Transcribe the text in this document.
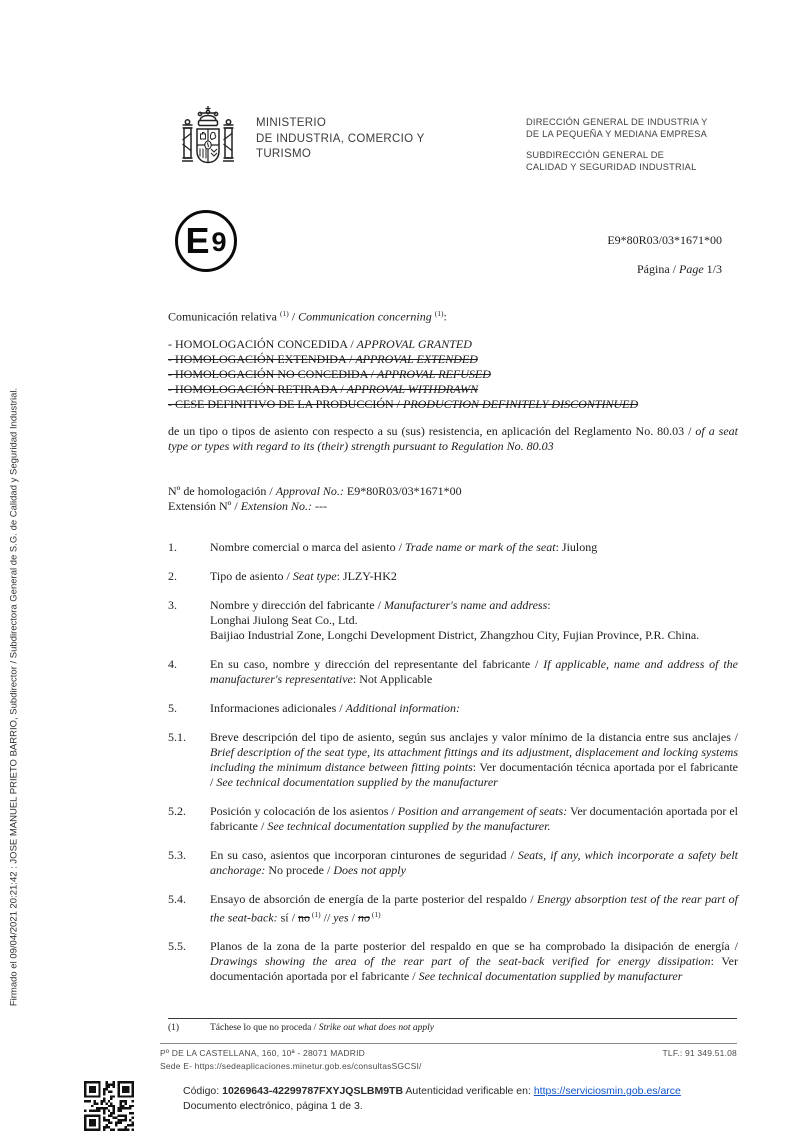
Firmado el 09/04/2021 20:21:42 : JOSE MANUEL PRIETO BARRIO, Subdirector / Subdirectora General de S.G. de Calidad y Seguridad Industrial.
MINISTERIO
DE INDUSTRIA, COMERCIO Y
TURISMO
DIRECCIÓN GENERAL DE INDUSTRIA Y
DE LA PEQUEÑA Y MEDIANA EMPRESA
SUBDIRECCIÓN GENERAL DE
CALIDAD Y SEGURIDAD INDUSTRIAL
E 9	E9*80R03/03*1671*00
Página / Page 1/3
Comunicación relativa $^{(1)}$ / Communication concerning $^{(1)}$:
- HOMOLOGACIÓN CONCEDIDA / APPROVAL GRANTED
- HOMOLOGACIÓN EXTENDIDA / APPROVAL EXTENDED
- HOMOLOGACIÓN NO CONCEDIDA / APPROVAL REFUSED
- HOMOLOGACIÓN RETIRADA / APPROVAL WITHDRAWN
- CESE DEFINITIVO DE LA PRODUCCIÓN / PRODUCTION DEFINITELY DISCONTINUED
de un tipo o tipos de asiento con respecto a su (sus) resistencia, en aplicación del Reglamento No. 80.03 / of a seat type or types with regard to its (their) strength pursuant to Regulation No. 80.03
Nº de homologación / Approval No.: E9*80R03/03*1671*00
Extensión Nº / Extension No.: ---
1.	Nombre comercial o marca del asiento / Trade name or mark of the seat: Jiulong
2.	Tipo de asiento / Seat type: JLZY-HK2
3.	Nombre y dirección del fabricante / Manufacturer's name and address:
Longhai Jiulong Seat Co., Ltd.
Baijiao Industrial Zone, Longchi Development District, Zhangzhou City, Fujian Province, P.R. China.
4.	En su caso, nombre y dirección del representante del fabricante / If applicable, name and address of the manufacturer's representative: Not Applicable
5.	Informaciones adicionales / Additional information:
5.1.	Breve descripción del tipo de asiento, según sus anclajes y valor mínimo de la distancia entre sus anclajes / Brief description of the seat type, its attachment fittings and its adjustment, displacement and locking systems including the minimum distance between fitting points: Ver documentación técnica aportada por el fabricante / See technical documentation supplied by the manufacturer
5.2.	Posición y colocación de los asientos / Position and arrangement of seats: Ver documentación aportada por el fabricante / See technical documentation supplied by the manufacturer.
5.3.	En su caso, asientos que incorporan cinturones de seguridad / Seats, if any, which incorporate a safety belt anchorage: No procede / Does not apply
5.4.	Ensayo de absorción de energía de la parte posterior del respaldo / Energy absorption test of the rear part of the seat-back: sí / no $^{(1)}$ // yes / no $^{(1)}$
5.5.	Planos de la zona de la parte posterior del respaldo en que se ha comprobado la disipación de energía / Drawings showing the area of the rear part of the seat-back verified for energy dissipation: Ver documentación aportada por el fabricante / See technical documentation supplied by manufacturer
(1)	Táchese lo que no proceda / Strike out what does not apply
Pº DE LA CASTELLANA, 160, 10ª - 28071 MADRID	TLF.: 91 349.51.08
Sede E- https://sedeaplicaciones.minetur.gob.es/consultasSGCSI/
Código: 10269643-42299787FXYJQSLBM9TB Autenticidad verificable en: https://serviciosmin.gob.es/arce
Documento electrónico, página 1 de 3.
